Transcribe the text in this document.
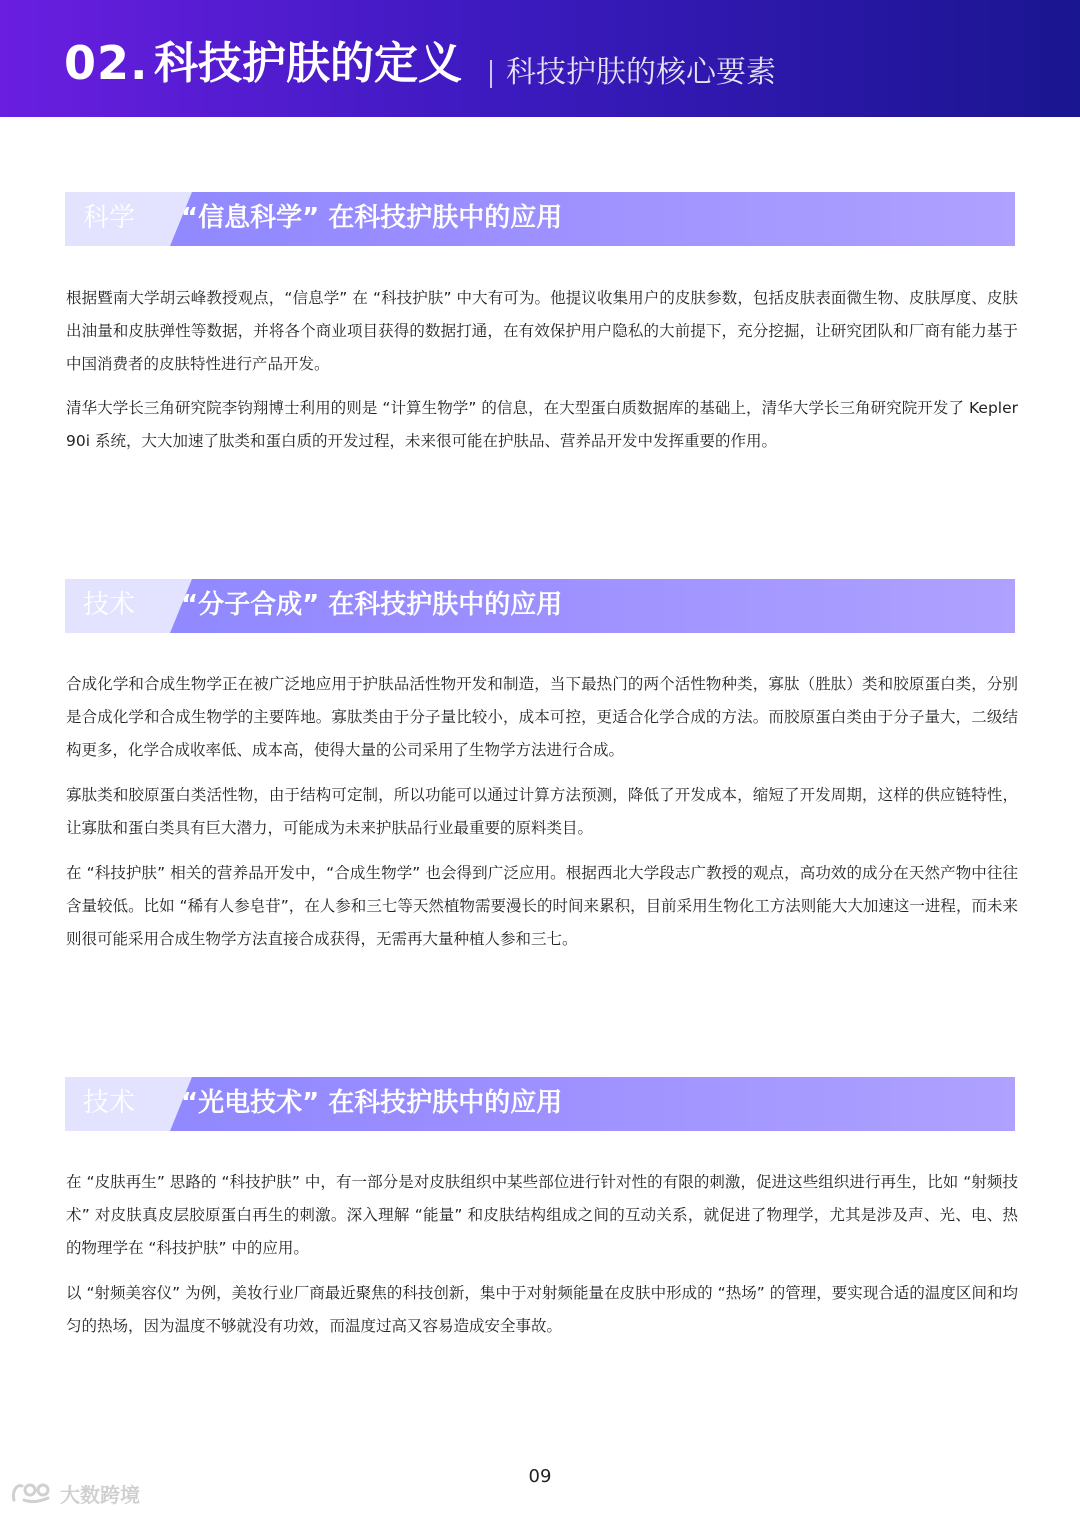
02. 科技护肤的定义 科技护肤的核心要素
科学 “信息科学” 在科技护肤中的应用
根据暨南大学胡云峰教授观点，“信息学” 在 “科技护肤” 中大有可为。他提议收集用户的皮肤参数，包括皮肤表面微生物、皮肤厚度、皮肤出油量和皮肤弹性等数据，并将各个商业项目获得的数据打通，在有效保护用户隐私的大前提下，充分挖掘，让研究团队和厂商有能力基于中国消费者的皮肤特性进行产品开发。
清华大学长三角研究院李钧翔博士利用的则是 “计算生物学” 的信息，在大型蛋白质数据库的基础上，清华大学长三角研究院开发了 Kepler 90i 系统，大大加速了肽类和蛋白质的开发过程，未来很可能在护肤品、营养品开发中发挥重要的作用。
技术 “分子合成” 在科技护肤中的应用
合成化学和合成生物学正在被广泛地应用于护肤品活性物开发和制造，当下最热门的两个活性物种类，寡肽（胜肽）类和胶原蛋白类，分别是合成化学和合成生物学的主要阵地。寡肽类由于分子量比较小，成本可控，更适合化学合成的方法。而胶原蛋白类由于分子量大，二级结构更多，化学合成收率低、成本高，使得大量的公司采用了生物学方法进行合成。
寡肽类和胶原蛋白类活性物，由于结构可定制，所以功能可以通过计算方法预测，降低了开发成本，缩短了开发周期，这样的供应链特性，让寡肽和蛋白类具有巨大潜力，可能成为未来护肤品行业最重要的原料类目。
在 “科技护肤” 相关的营养品开发中，“合成生物学” 也会得到广泛应用。根据西北大学段志广教授的观点，高功效的成分在天然产物中往往含量较低。比如 “稀有人参皂苷”，在人参和三七等天然植物需要漫长的时间来累积，目前采用生物化工方法则能大大加速这一进程，而未来则很可能采用合成生物学方法直接合成获得，无需再大量种植人参和三七。
技术 “光电技术” 在科技护肤中的应用
在 “皮肤再生” 思路的 “科技护肤” 中，有一部分是对皮肤组织中某些部位进行针对性的有限的刺激，促进这些组织进行再生，比如 “射频技术” 对皮肤真皮层胶原蛋白再生的刺激。深入理解 “能量” 和皮肤结构组成之间的互动关系，就促进了物理学，尤其是涉及声、光、电、热的物理学在 “科技护肤” 中的应用。
以 “射频美容仪” 为例，美妆行业厂商最近聚焦的科技创新，集中于对射频能量在皮肤中形成的 “热场” 的管理，要实现合适的温度区间和均匀的热场，因为温度不够就没有功效，而温度过高又容易造成安全事故。
09
大数跨境
